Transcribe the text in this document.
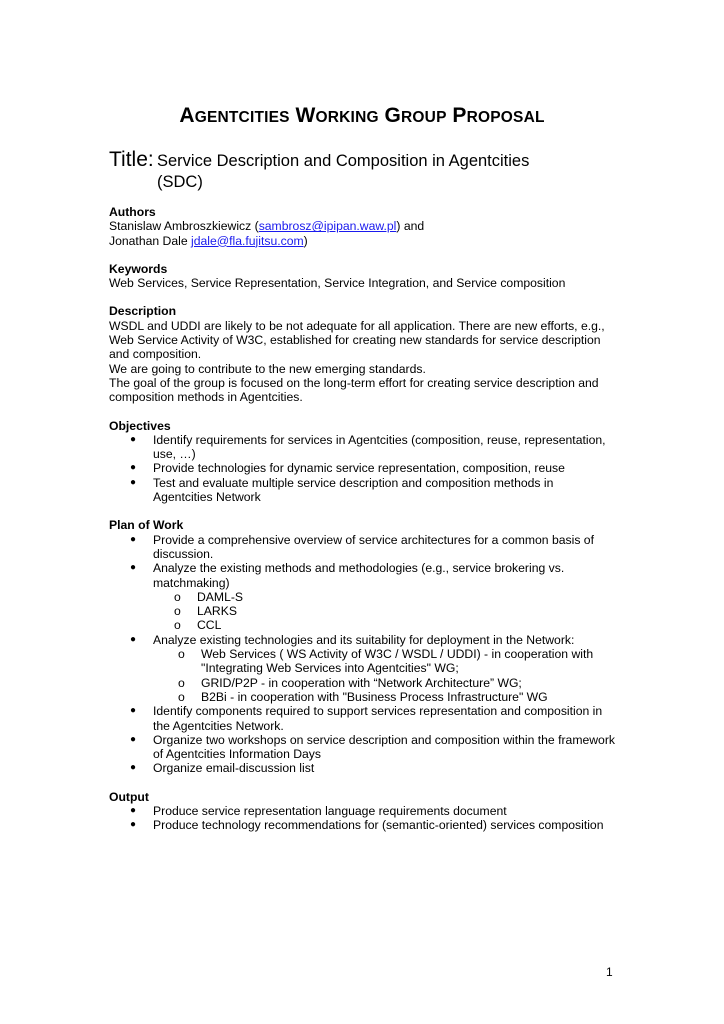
AGENTCITIES WORKING GROUP PROPOSAL
Title: Service Description and Composition in Agentcities
(SDC)
Authors
Stanislaw Ambroszkiewicz (sambrosz@ipipan.waw.pl) and
Jonathan Dale jdale@fla.fujitsu.com)
Keywords
Web Services, Service Representation, Service Integration, and Service composition
Description
WSDL and UDDI are likely to be not adequate for all application. There are new efforts, e.g.,
Web Service Activity of W3C, established for creating new standards for service description
and composition.
We are going to contribute to the new emerging standards.
The goal of the group is focused on the long-term effort for creating service description and
composition methods in Agentcities.
Objectives
● Identify requirements for services in Agentcities (composition, reuse, representation,
use, …)
● Provide technologies for dynamic service representation, composition, reuse
● Test and evaluate multiple service description and composition methods in
Agentcities Network
Plan of Work
● Provide a comprehensive overview of service architectures for a common basis of
discussion.
● Analyze the existing methods and methodologies (e.g., service brokering vs.
matchmaking)
o DAML-S
o LARKS
o CCL
● Analyze existing technologies and its suitability for deployment in the Network:
o Web Services ( WS Activity of W3C / WSDL / UDDI) - in cooperation with
"Integrating Web Services into Agentcities" WG;
o GRID/P2P - in cooperation with “Network Architecture” WG;
o B2Bi - in cooperation with "Business Process Infrastructure" WG
● Identify components required to support services representation and composition in
the Agentcities Network.
● Organize two workshops on service description and composition within the framework
of Agentcities Information Days
● Organize email-discussion list
Output
● Produce service representation language requirements document
● Produce technology recommendations for (semantic-oriented) services composition
1
